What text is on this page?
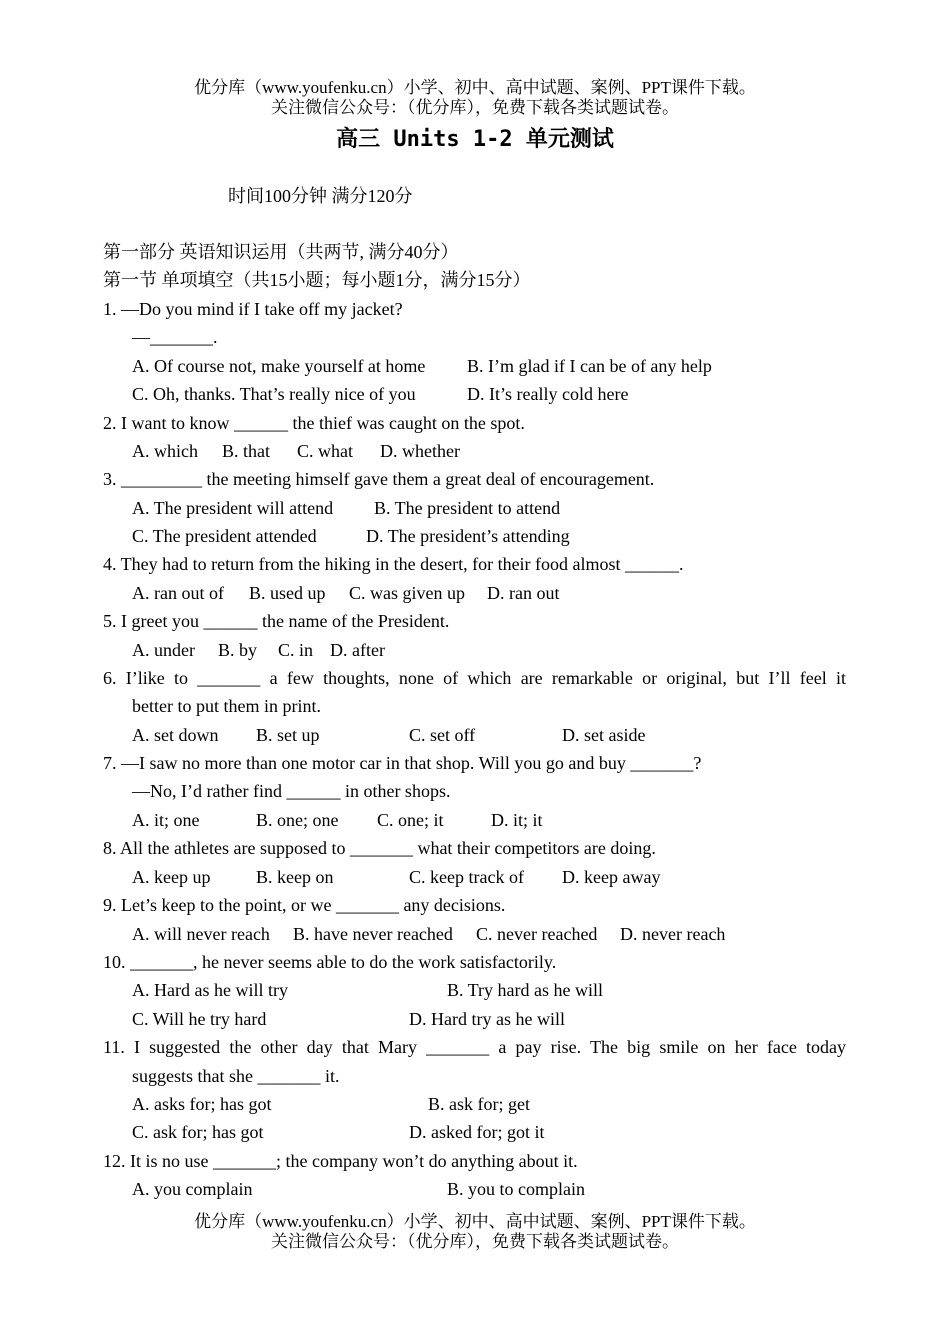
优分库（www.youfenku.cn）小学、初中、高中试题、案例、PPT课件下载。
关注微信公众号：（优分库），免费下载各类试题试卷。
高三 Units 1-2 单元测试
时间100分钟 满分120分
第一部分 英语知识运用（共两节, 满分40分）
第一节 单项填空（共15小题；每小题1分，满分15分）
1. —Do you mind if I take off my jacket?
—_______.
A. Of course not, make yourself at home B. I’m glad if I can be of any help
C. Oh, thanks. That’s really nice of you	D. It’s really cold here
2. I want to know ______ the thief was caught on the spot.
A. which B. that C. what D. whether
3. _________ the meeting himself gave them a great deal of encouragement.
A. The president will attend B. The president to attend
C. The president attended	D. The president’s attending
4. They had to return from the hiking in the desert, for their food almost ______.
A. ran out of B. used up C. was given up D. ran out
5. I greet you ______ the name of the President.
A. under B. by C. in D. after
6. I’like to _______ a few thoughts, none of which are remarkable or original, but I’ll feel it
better to put them in print.
A. set down B. set up	C. set off	D. set aside
7. —I saw no more than one motor car in that shop. Will you go and buy _______?
—No, I’d rather find ______ in other shops.
A. it; one	B. one; one C. one; it	D. it; it
8. All the athletes are supposed to _______ what their competitors are doing.
A. keep up	B. keep on	C. keep track of D. keep away
9. Let’s keep to the point, or we _______ any decisions.
A. will never reach B. have never reached C. never reached D. never reach
10. _______, he never seems able to do the work satisfactorily.
A. Hard as he will try	B. Try hard as he will
C. Will he try hard	D. Hard try as he will
11. I suggested the other day that Mary _______ a pay rise. The big smile on her face today
suggests that she _______ it.
A. asks for; has got	B. ask for; get
C. ask for; has got	D. asked for; got it
12. It is no use _______; the company won’t do anything about it.
A. you complain	B. you to complain
优分库（www.youfenku.cn）小学、初中、高中试题、案例、PPT课件下载。
关注微信公众号：（优分库），免费下载各类试题试卷。
